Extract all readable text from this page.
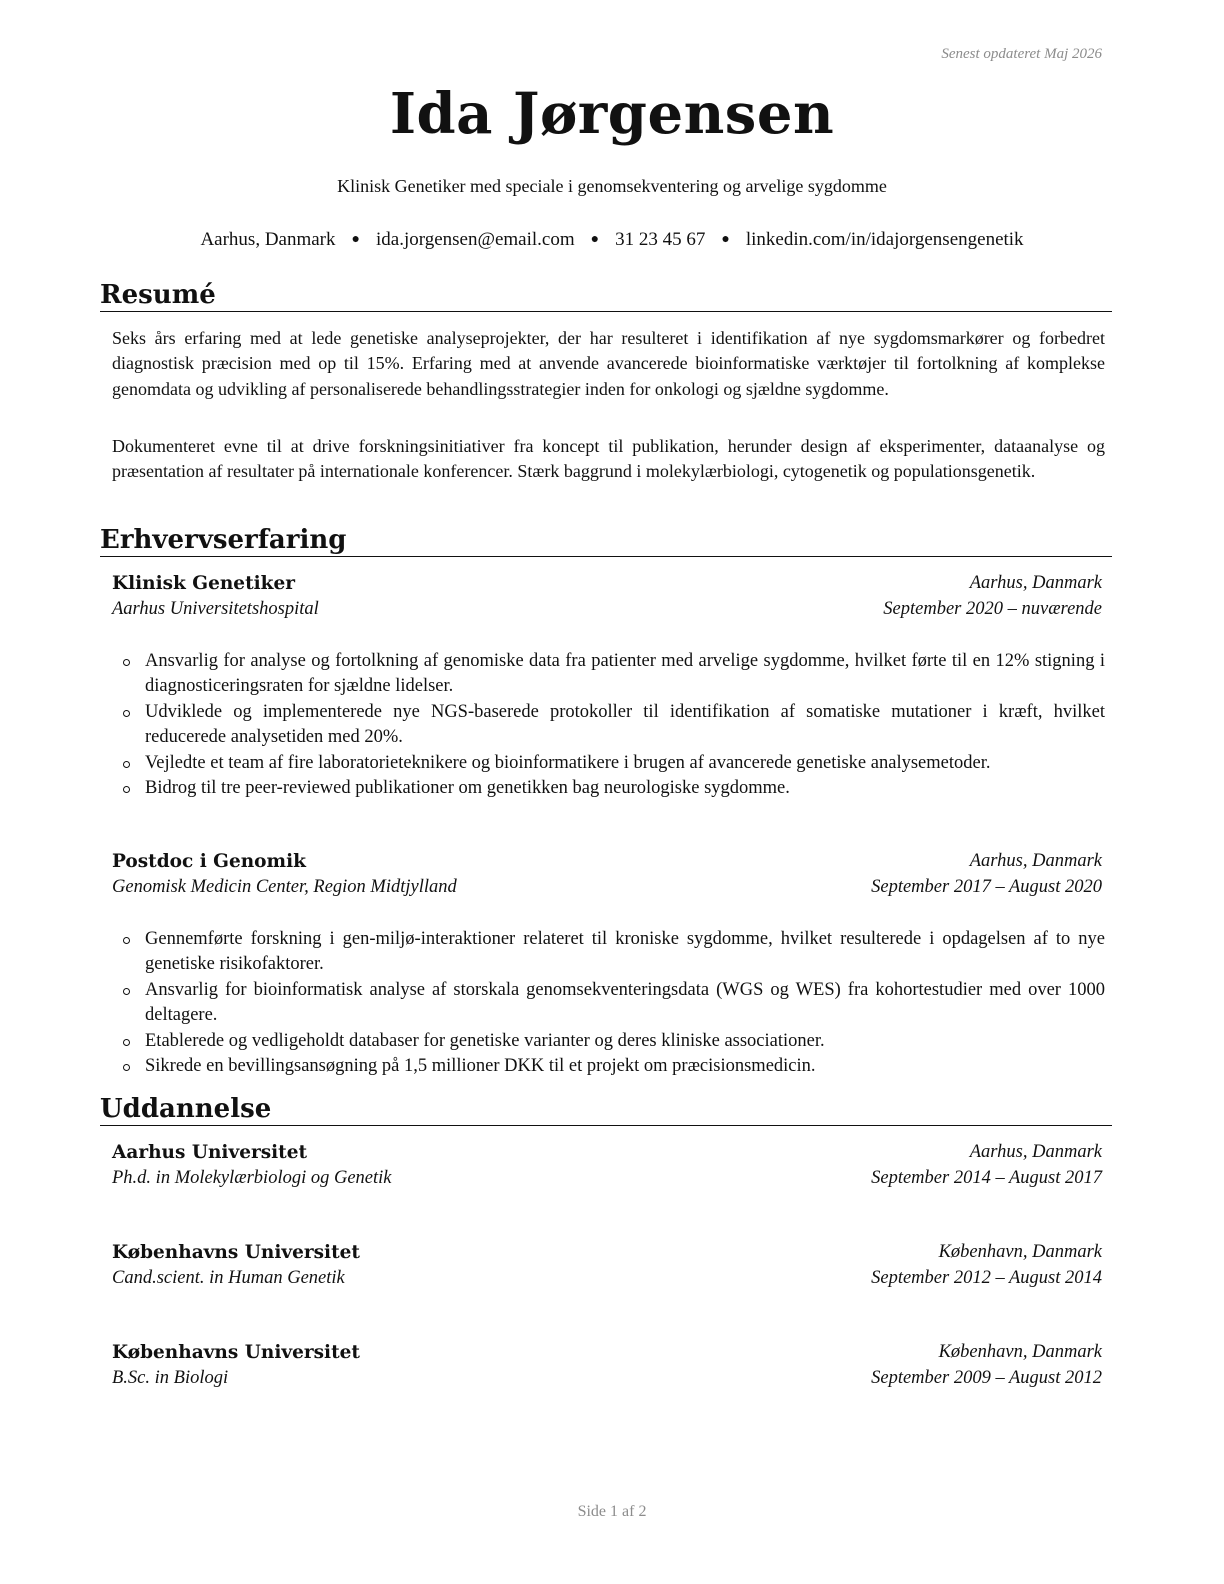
Senest opdateret Maj 2026
Ida Jørgensen
Klinisk Genetiker med speciale i genomsekventering og arvelige sygdomme
Aarhus, Danmark ● ida.jorgensen@email.com ● 31 23 45 67 ● linkedin.com/in/idajorgensengenetik
Resumé
Seks års erfaring med at lede genetiske analyseprojekter, der har resulteret i identifikation af nye sygdomsmarkører og forbedret diagnostisk præcision med op til 15%. Erfaring med at anvende avancerede bioinformatiske værktøjer til fortolkning af komplekse genomdata og udvikling af personaliserede behandlingsstrategier inden for onkologi og sjældne sygdomme.
Dokumenteret evne til at drive forskningsinitiativer fra koncept til publikation, herunder design af eksperimenter, dataanalyse og præsentation af resultater på internationale konferencer. Stærk baggrund i molekylærbiologi, cytogenetik og populationsgenetik.
Erhvervserfaring
Klinisk Genetiker	Aarhus, Danmark
Aarhus Universitetshospital	September 2020 – nuværende
Ansvarlig for analyse og fortolkning af genomiske data fra patienter med arvelige sygdomme, hvilket førte til en 12% stigning i diagnosticeringsraten for sjældne lidelser.
Udviklede og implementerede nye NGS-baserede protokoller til identifikation af somatiske mutationer i kræft, hvilket reducerede analysetiden med 20%.
Vejledte et team af fire laboratorieteknikere og bioinformatikere i brugen af avancerede genetiske analysemetoder.
Bidrog til tre peer-reviewed publikationer om genetikken bag neurologiske sygdomme.
Postdoc i Genomik	Aarhus, Danmark
Genomisk Medicin Center, Region Midtjylland	September 2017 – August 2020
Gennemførte forskning i gen-miljø-interaktioner relateret til kroniske sygdomme, hvilket resulterede i opdagelsen af to nye genetiske risikofaktorer.
Ansvarlig for bioinformatisk analyse af storskala genomsekventeringsdata (WGS og WES) fra kohortestudier med over 1000 deltagere.
Etablerede og vedligeholdt databaser for genetiske varianter og deres kliniske associationer.
Sikrede en bevillingsansøgning på 1,5 millioner DKK til et projekt om præcisionsmedicin.
Uddannelse
Aarhus Universitet	Aarhus, Danmark
Ph.d. in Molekylærbiologi og Genetik	September 2014 – August 2017
Københavns Universitet	København, Danmark
Cand.scient. in Human Genetik	September 2012 – August 2014
Københavns Universitet	København, Danmark
B.Sc. in Biologi	September 2009 – August 2012
Side 1 af 2
